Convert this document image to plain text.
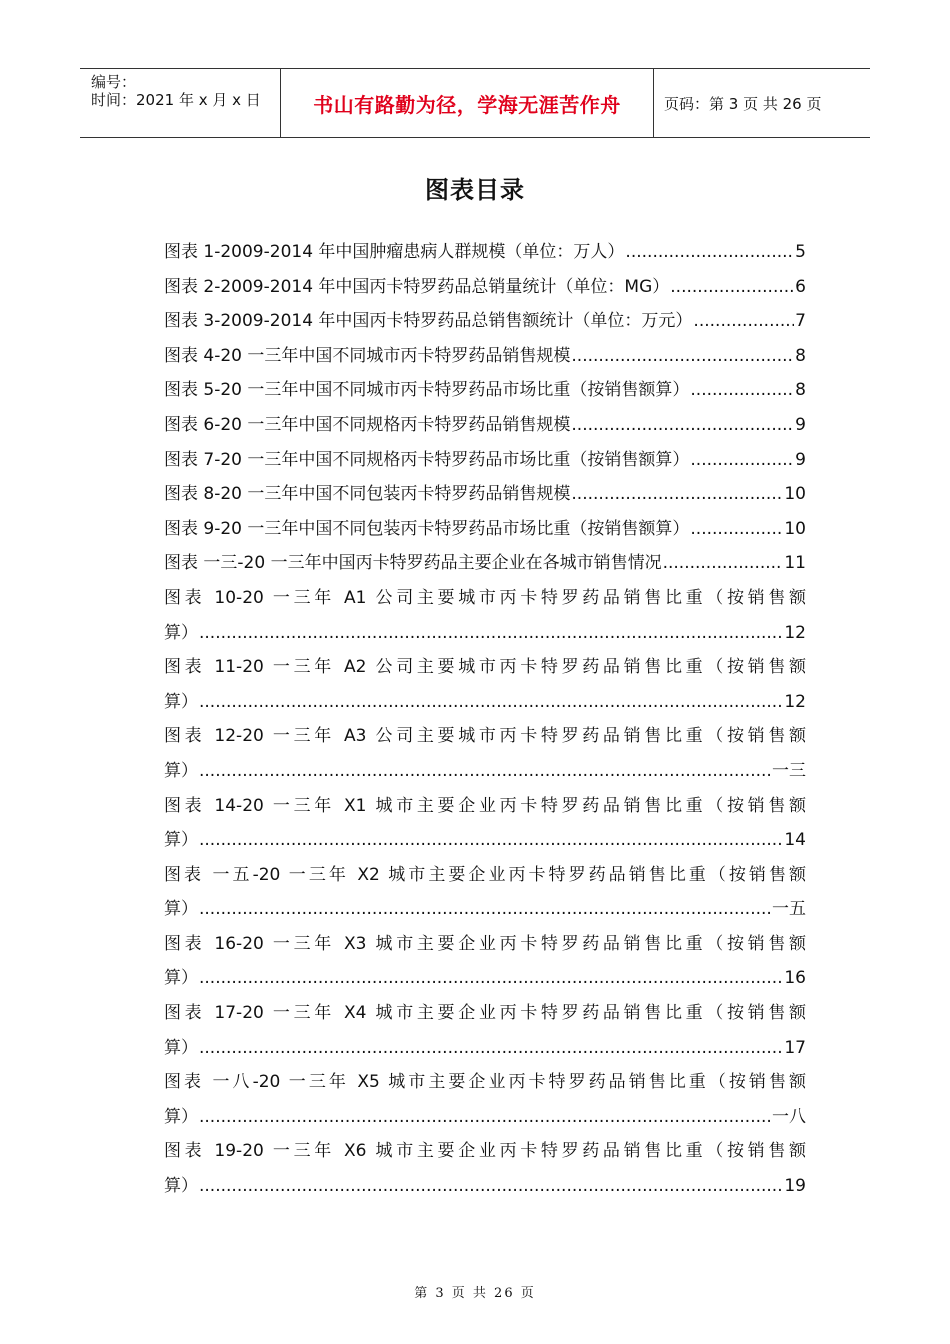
编号：
时间：2021 年 x 月 x 日	书山有路勤为径，学海无涯苦作舟	页码：第 3 页 共 26 页
图表目录
图表 1-2009-2014 年中国肿瘤患病人群规模（单位：万人） .....	5
图表 2-2009-2014 年中国丙卡特罗药品总销量统计（单位：MG） .....	6
图表 3-2009-2014 年中国丙卡特罗药品总销售额统计（单位：万元） .....	7
图表 4-20 一三年中国不同城市丙卡特罗药品销售规模 .....	8
图表 5-20 一三年中国不同城市丙卡特罗药品市场比重（按销售额算） .....	8
图表 6-20 一三年中国不同规格丙卡特罗药品销售规模 .....	9
图表 7-20 一三年中国不同规格丙卡特罗药品市场比重（按销售额算） .....	9
图表 8-20 一三年中国不同包装丙卡特罗药品销售规模 .....	10
图表 9-20 一三年中国不同包装丙卡特罗药品市场比重（按销售额算） .....	10
图表 一三-20 一三年中国丙卡特罗药品主要企业在各城市销售情况 .....	11
图表 10-20 一三年 A1 公司主要城市丙卡特罗药品销售比重（按销售额
算） .....	12
图表 11-20 一三年 A2 公司主要城市丙卡特罗药品销售比重（按销售额
算） .....	12
图表 12-20 一三年 A3 公司主要城市丙卡特罗药品销售比重（按销售额
算） .....	一三
图表 14-20 一三年 X1 城市主要企业丙卡特罗药品销售比重（按销售额
算） .....	14
图表 一五-20 一三年 X2 城市主要企业丙卡特罗药品销售比重（按销售额
算） .....	一五
图表 16-20 一三年 X3 城市主要企业丙卡特罗药品销售比重（按销售额
算） .....	16
图表 17-20 一三年 X4 城市主要企业丙卡特罗药品销售比重（按销售额
算） .....	17
图表 一八-20 一三年 X5 城市主要企业丙卡特罗药品销售比重（按销售额
算） .....	一八
图表 19-20 一三年 X6 城市主要企业丙卡特罗药品销售比重（按销售额
算） .....	19
第 3 页 共 26 页
